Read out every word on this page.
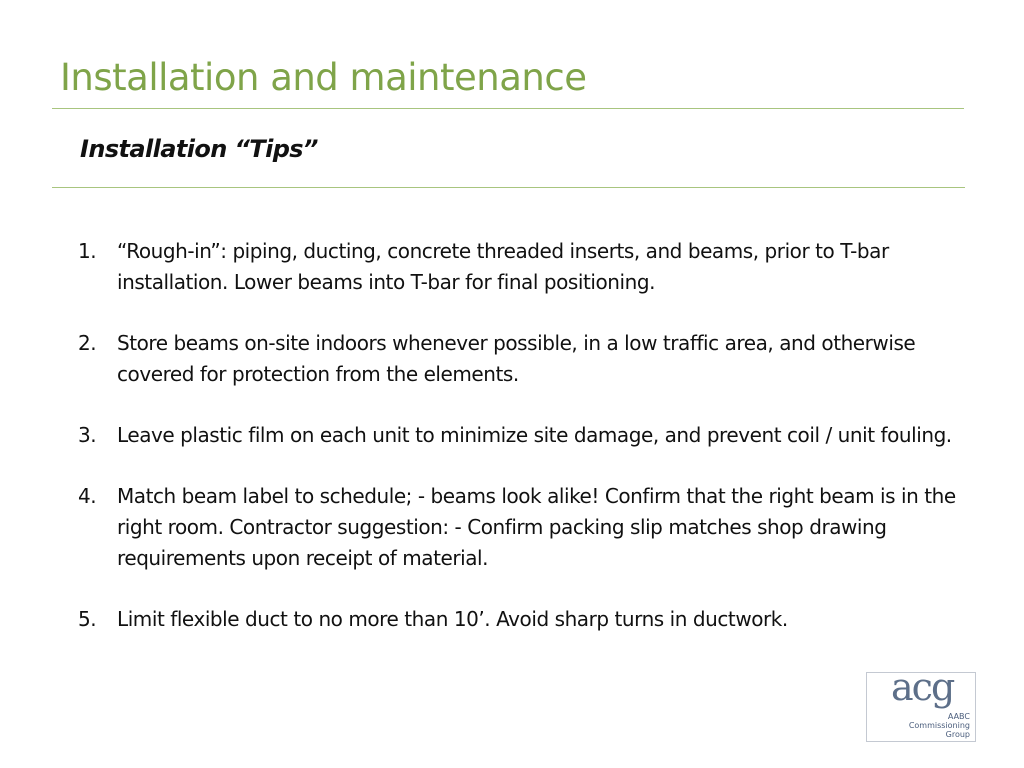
Installation and maintenance
Installation “Tips”
1.	“Rough-in”: piping, ducting, concrete threaded inserts, and beams, prior to T-bar installation. Lower beams into T-bar for final positioning.
2.	Store beams on-site indoors whenever possible, in a low traffic area, and otherwise covered for protection from the elements.
3.	Leave plastic film on each unit to minimize site damage, and prevent coil / unit fouling.
4.	Match beam label to schedule; - beams look alike! Confirm that the right beam is in the right room. Contractor suggestion: - Confirm packing slip matches shop drawing requirements upon receipt of material.
5.	Limit flexible duct to no more than 10’. Avoid sharp turns in ductwork.
acg
AABC
Commissioning
Group
